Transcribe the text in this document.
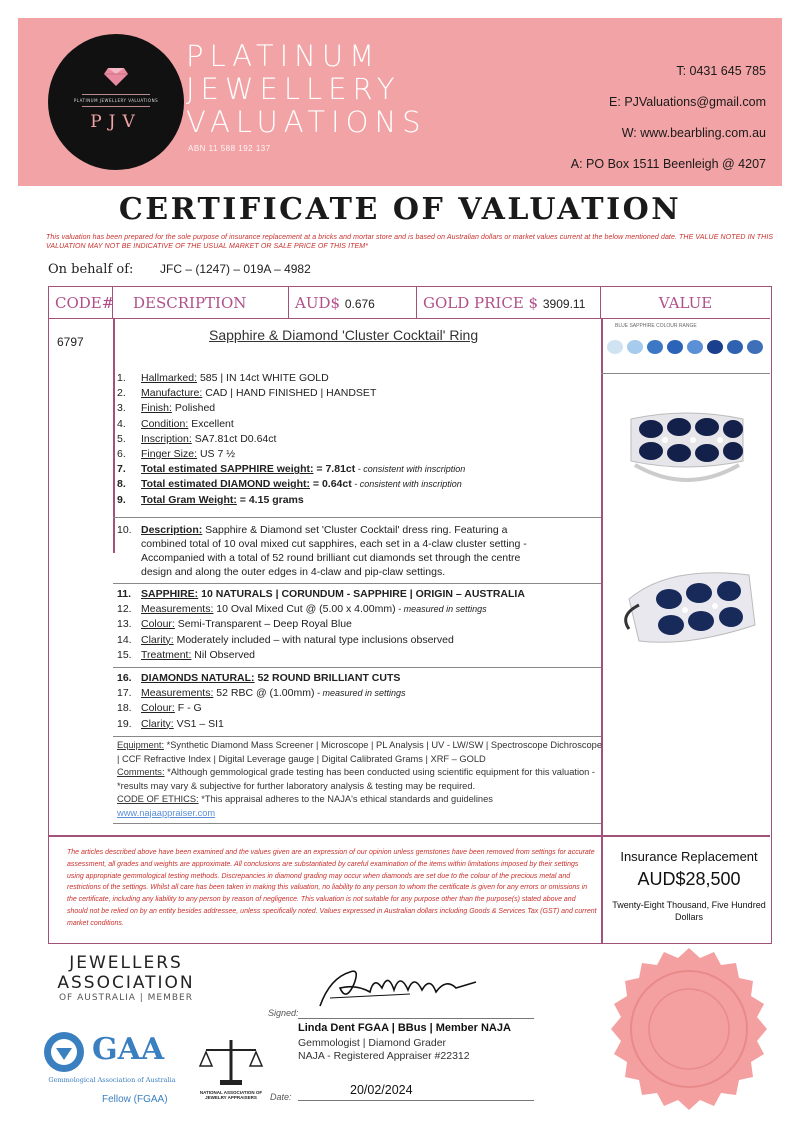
PLATINUM JEWELLERY VALUATIONS
PJV
PLATINUM
JEWELLERY
VALUATIONS
ABN 11 588 192 137
T: 0431 645 785
E: PJValuations@gmail.com
W: www.bearbling.com.au
A: PO Box 1511 Beenleigh @ 4207
CERTIFICATE OF VALUATION
This valuation has been prepared for the sole purpose of insurance replacement at a bricks and mortar store and is based on Australian dollars or market values current at the below mentioned date. THE VALUE NOTED IN THIS VALUATION MAY NOT BE INDICATIVE OF THE USUAL MARKET OR SALE PRICE OF THIS ITEM*
On behalf of: JFC – (1247) – 019A – 4982
CODE#	DESCRIPTION	AUD$ 0.676	GOLD PRICE $ 3909.11	VALUE
6797	Sapphire & Diamond 'Cluster Cocktail' Ring
BLUE SAPPHIRE COLOUR RANGE
1. Hallmarked: 585 | IN 14ct WHITE GOLD
2. Manufacture: CAD | HAND FINISHED | HANDSET
3. Finish: Polished
4. Condition: Excellent
5. Inscription: SA7.81ct D0.64ct
6. Finger Size: US 7 ½
7. Total estimated SAPPHIRE weight: = 7.81ct - consistent with inscription
8. Total estimated DIAMOND weight: = 0.64ct - consistent with inscription
9. Total Gram Weight: = 4.15 grams
10. Description: Sapphire & Diamond set 'Cluster Cocktail' dress ring. Featuring a combined total of 10 oval mixed cut sapphires, each set in a 4-claw cluster setting - Accompanied with a total of 52 round brilliant cut diamonds set through the centre design and along the outer edges in 4-claw and pip-claw settings.
11. SAPPHIRE: 10 NATURALS | CORUNDUM - SAPPHIRE | ORIGIN – AUSTRALIA
12. Measurements: 10 Oval Mixed Cut @ (5.00 x 4.00mm) - measured in settings
13. Colour: Semi-Transparent – Deep Royal Blue
14. Clarity: Moderately included – with natural type inclusions observed
15. Treatment: Nil Observed
16. DIAMONDS NATURAL: 52 ROUND BRILLIANT CUTS
17. Measurements: 52 RBC @ (1.00mm) - measured in settings
18. Colour: F - G
19. Clarity: VS1 – SI1
Equipment: *Synthetic Diamond Mass Screener | Microscope | PL Analysis | UV - LW/SW | Spectroscope Dichroscope | CCF Refractive Index | Digital Leverage gauge | Digital Calibrated Grams | XRF – GOLD
Comments: *Although gemmological grade testing has been conducted using scientific equipment for this valuation - *results may vary & subjective for further laboratory analysis & testing may be required.
CODE OF ETHICS: *This appraisal adheres to the NAJA's ethical standards and guidelines
www.najaappraiser.com
The articles described above have been examined and the values given are an expression of our opinion unless gemstones have been removed from settings for accurate assessment, all grades and weights are approximate. All conclusions are substantiated by careful examination of the items within limitations imposed by their settings using appropriate gemmological testing methods. Discrepancies in diamond grading may occur when diamonds are set due to the colour of the precious metal and restrictions of the settings. Whilst all care has been taken in making this valuation, no liability to any person to whom the certificate is given for any errors or omissions in the certificate, including any liability to any person by reason of negligence. This valuation is not suitable for any purpose other than the purpose(s) stated above and should not be relied on by an entity besides addressee, unless specifically noted. Values expressed in Australian dollars including Goods & Services Tax (GST) and current market conditions.
Insurance Replacement
AUD$28,500
Twenty-Eight Thousand, Five Hundred Dollars
JEWELLERS
ASSOCIATION
OF AUSTRALIA | MEMBER
GAA
Gemmological Association of Australia
Fellow (FGAA)
NATIONAL ASSOCIATION OF JEWELRY APPRAISERS
Signed:
Linda Dent FGAA | BBus | Member NAJA
Gemmologist | Diamond Grader
NAJA - Registered Appraiser #22312
Date:	20/02/2024
